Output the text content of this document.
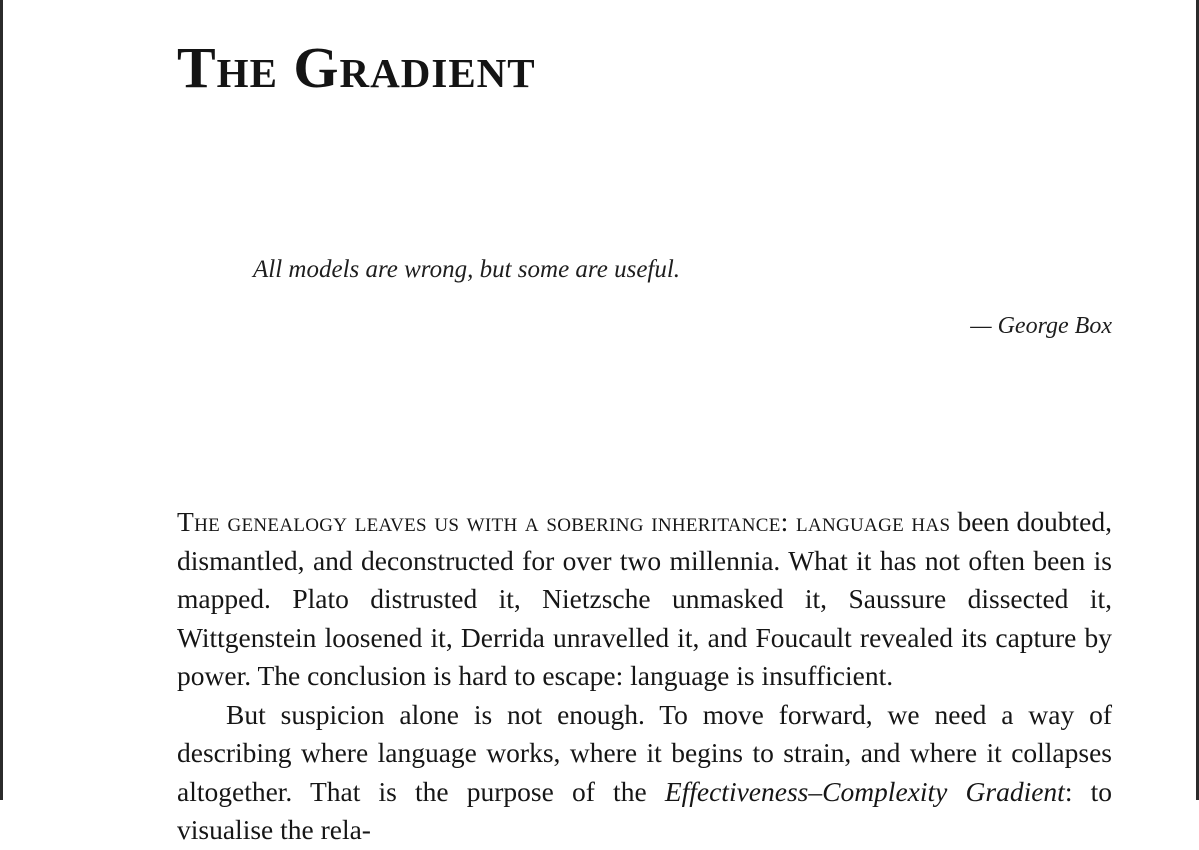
The Gradient

All models are wrong, but some are useful.

— George Box

The genealogy leaves us with a sobering inheritance: language has been doubted, dismantled, and deconstructed for over two millennia. What it has not often been is mapped. Plato distrusted it, Nietzsche unmasked it, Saussure dissected it, Wittgenstein loosened it, Derrida unravelled it, and Foucault revealed its capture by power. The conclusion is hard to escape: language is insufficient.

But suspicion alone is not enough. To move forward, we need a way of describing where language works, where it begins to strain, and where it collapses altogether. That is the purpose of the Effectiveness–Complexity Gradient: to visualise the rela-
